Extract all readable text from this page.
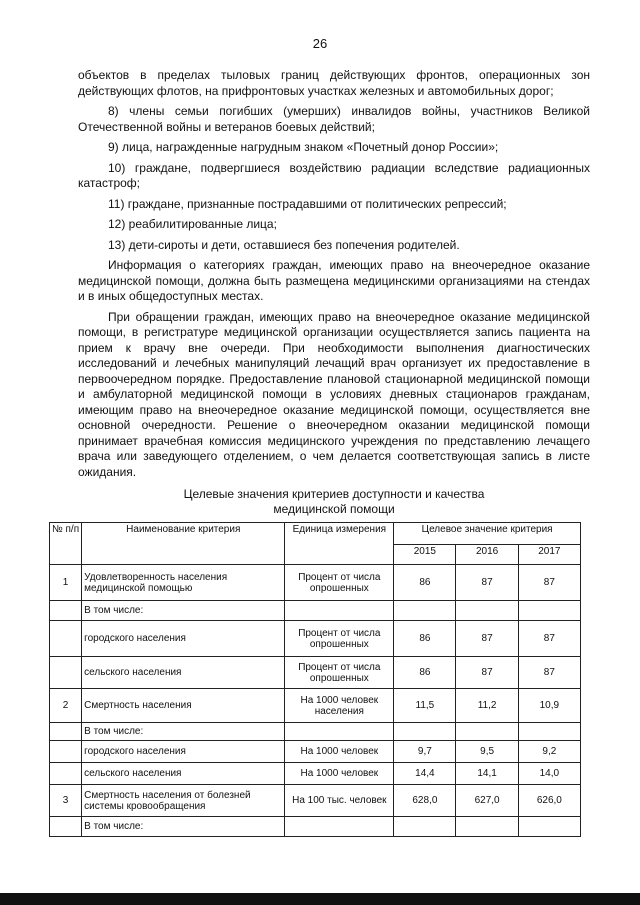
26

объектов в пределах тыловых границ действующих фронтов, операционных зон действующих флотов, на прифронтовых участках железных и автомобильных дорог;

8) члены семьи погибших (умерших) инвалидов войны, участников Великой Отечественной войны и ветеранов боевых действий;

9) лица, награжденные нагрудным знаком «Почетный донор России»;

10) граждане, подвергшиеся воздействию радиации вследствие радиационных катастроф;

11) граждане, признанные пострадавшими от политических репрессий;

12) реабилитированные лица;

13) дети-сироты и дети, оставшиеся без попечения родителей.

Информация о категориях граждан, имеющих право на внеочередное оказание медицинской помощи, должна быть размещена медицинскими организациями на стендах и в иных общедоступных местах.

При обращении граждан, имеющих право на внеочередное оказание медицинской помощи, в регистратуре медицинской организации осуществляется запись пациента на прием к врачу вне очереди. При необходимости выполнения диагностических исследований и лечебных манипуляций лечащий врач организует их предоставление в первоочередном порядке. Предоставление плановой стационарной медицинской помощи и амбулаторной медицинской помощи в условиях дневных стационаров гражданам, имеющим право на внеочередное оказание медицинской помощи, осуществляется вне основной очередности. Решение о внеочередном оказании медицинской помощи принимает врачебная комиссия медицинского учреждения по представлению лечащего врача или заведующего отделением, о чем делается соответствующая запись в листе ожидания.

Целевые значения критериев доступности и качества
медицинской помощи
№ п/п	Наименование критерия	Единица измерения	Целевое значение критерия		
			2015	2016	2017
1	Удовлетворенность населения медицинской помощью	Процент от числа опрошенных	86	87	87
	В том числе:				
	городского населения	Процент от числа опрошенных	86	87	87
	сельского населения	Процент от числа опрошенных	86	87	87
2	Смертность населения	На 1000 человек населения	11,5	11,2	10,9
	В том числе:				
	городского населения	На 1000 человек	9,7	9,5	9,2
	сельского населения	На 1000 человек	14,4	14,1	14,0
3	Смертность населения от болезней системы кровообращения	На 100 тыс. человек	628,0	627,0	626,0
	В том числе:				
